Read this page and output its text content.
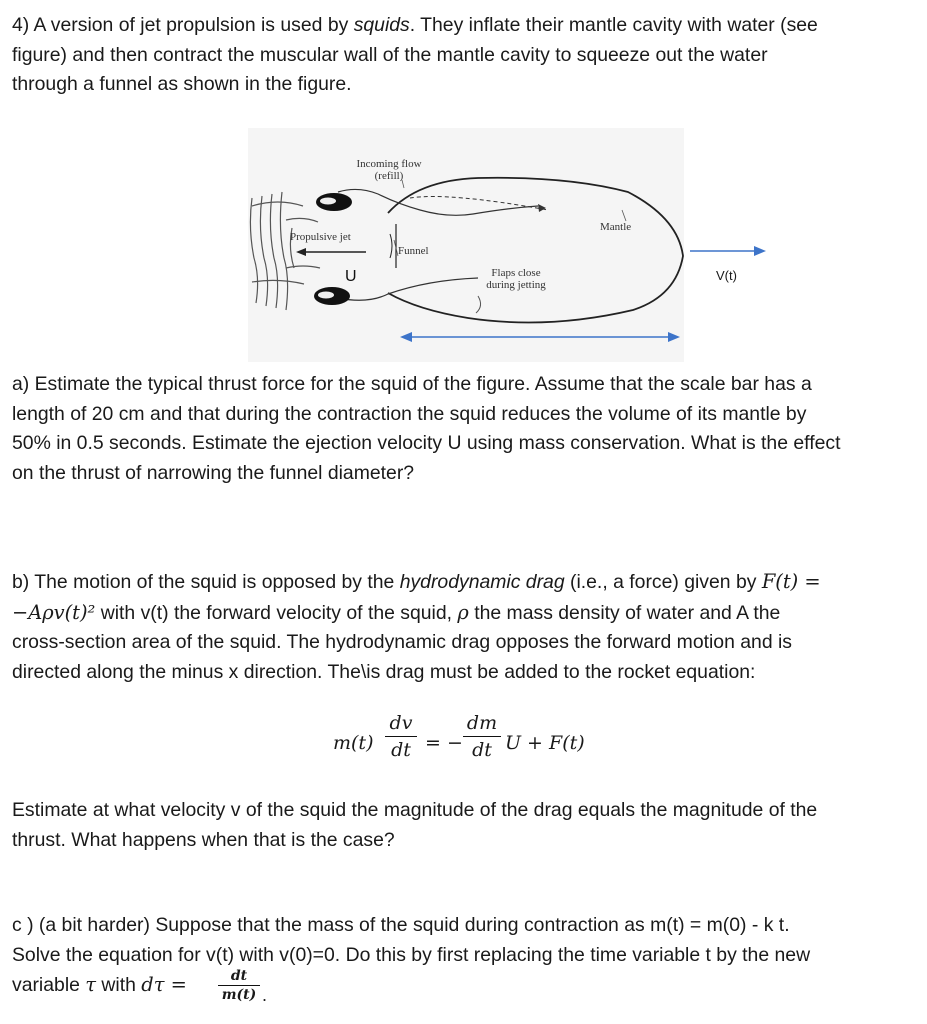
4) A version of jet propulsion is used by squids. They inflate their mantle cavity with water (see
figure) and then contract the muscular wall of the mantle cavity to squeeze out the water
through a funnel as shown in the figure.

Incoming flow
(refill)
Propulsive jet
Funnel
U	Flaps close
during jetting
Mantle
V(t)

a) Estimate the typical thrust force for the squid of the figure. Assume that the scale bar has a
length of 20 cm and that during the contraction the squid reduces the volume of its mantle by
50% in 0.5 seconds. Estimate the ejection velocity U using mass conservation. What is the effect
on the thrust of narrowing the funnel diameter?

b) The motion of the squid is opposed by the hydrodynamic drag (i.e., a force) given by F(t) =
−Aρv(t)² with v(t) the forward velocity of the squid, ρ the mass density of water and A the
cross-section area of the squid. The hydrodynamic drag opposes the forward motion and is
directed along the minus x direction. The\is drag must be added to the rocket equation:

m(t)
dv
dt = −
dm
dt U + F(t)

Estimate at what velocity v of the squid the magnitude of the drag equals the magnitude of the
thrust. What happens when that is the case?

c ) (a bit harder) Suppose that the mass of the squid during contraction as m(t) = m(0) - k t.
Solve the equation for v(t) with v(0)=0. Do this by first replacing the time variable t by the new
variable τ with dτ =	dt
m(t) .
